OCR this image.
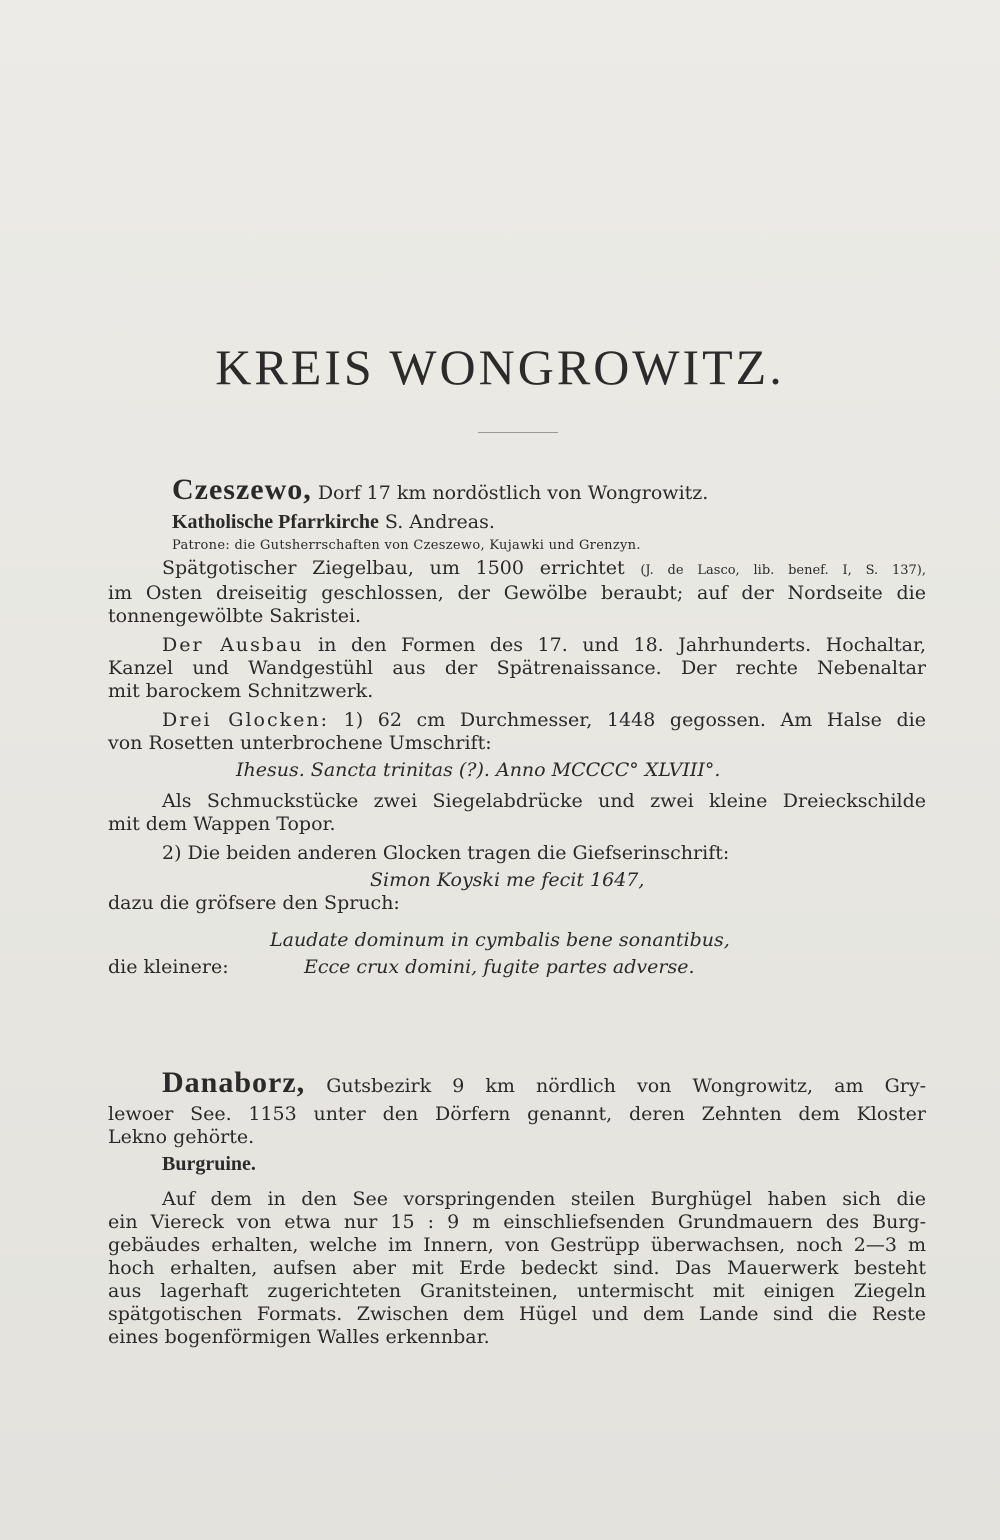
KREIS WONGROWITZ.
Czeszewo, Dorf 17 km nordöstlich von Wongrowitz.
Katholische Pfarrkirche S. Andreas.
Patrone: die Gutsherrschaften von Czeszewo, Kujawki und Grenzyn.
Spätgotischer Ziegelbau, um 1500 errichtet (J. de Lasco, lib. benef. I, S. 137),
im Osten dreiseitig geschlossen, der Gewölbe beraubt; auf der Nordseite die
tonnengewölbte Sakristei.
Der Ausbau in den Formen des 17. und 18. Jahrhunderts. Hochaltar,
Kanzel und Wandgestühl aus der Spätrenaissance. Der rechte Nebenaltar
mit barockem Schnitzwerk.
Drei Glocken: 1) 62 cm Durchmesser, 1448 gegossen. Am Halse die
von Rosetten unterbrochene Umschrift:
Ihesus. Sancta trinitas (?). Anno MCCCC° XLVIII°.
Als Schmuckstücke zwei Siegelabdrücke und zwei kleine Dreieckschilde
mit dem Wappen Topor.
2) Die beiden anderen Glocken tragen die Giefserinschrift:
Simon Koyski me fecit 1647,
dazu die gröfsere den Spruch:
Laudate dominum in cymbalis bene sonantibus,
die kleinere:	Ecce crux domini, fugite partes adverse.
Danaborz, Gutsbezirk 9 km nördlich von Wongrowitz, am Gry-
lewoer See. 1153 unter den Dörfern genannt, deren Zehnten dem Kloster
Lekno gehörte.
Burgruine.
Auf dem in den See vorspringenden steilen Burghügel haben sich die
ein Viereck von etwa nur 15 : 9 m einschliefsenden Grundmauern des Burg-
gebäudes erhalten, welche im Innern, von Gestrüpp überwachsen, noch 2—3 m
hoch erhalten, aufsen aber mit Erde bedeckt sind. Das Mauerwerk besteht
aus lagerhaft zugerichteten Granitsteinen, untermischt mit einigen Ziegeln
spätgotischen Formats. Zwischen dem Hügel und dem Lande sind die Reste
eines bogenförmigen Walles erkennbar.
